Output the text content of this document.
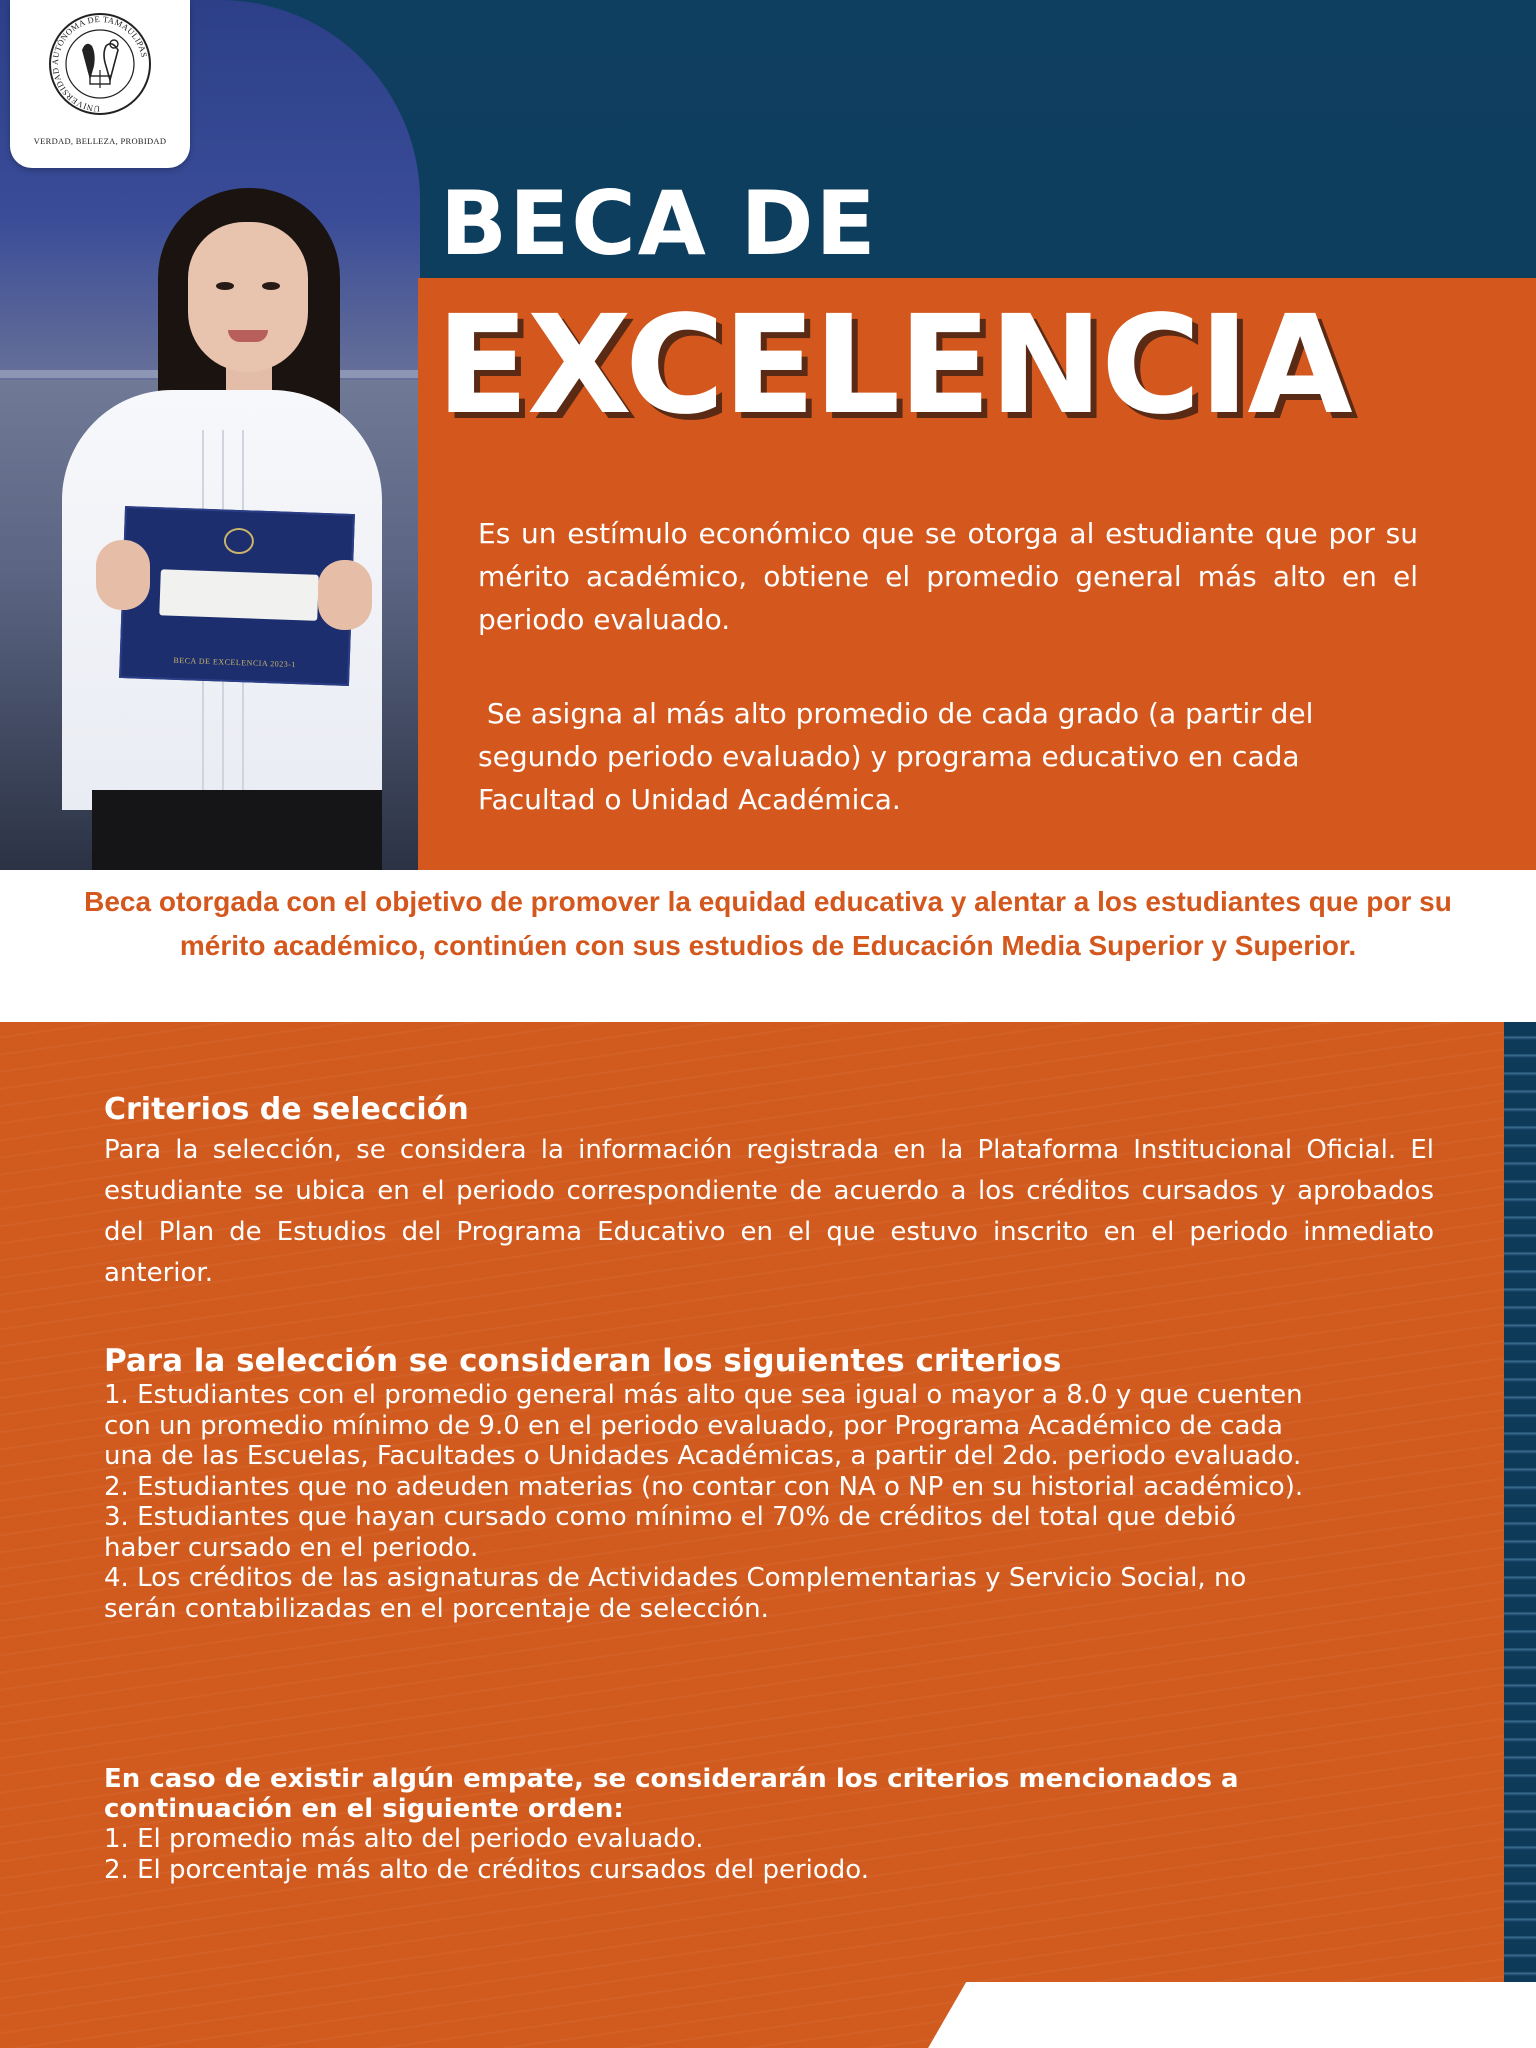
BECA DE EXCELENCIA 2023-1
UNIVERSIDAD AUTÓNOMA DE TAMAULIPAS
VERDAD, BELLEZA, PROBIDAD
BECA DE
EXCELENCIA

Es un estímulo económico que se otorga al estudiante que por su mérito académico, obtiene el promedio general más alto en el periodo evaluado.

Se asigna al más alto promedio de cada grado (a partir del segundo periodo evaluado) y programa educativo en cada Facultad o Unidad Académica.

Beca otorgada con el objetivo de promover la equidad educativa y alentar a los estudiantes que por su mérito académico, continúen con sus estudios de Educación Media Superior y Superior.

Criterios de selección

Para la selección, se considera la información registrada en la Plataforma Institucional Oficial. El estudiante se ubica en el periodo correspondiente de acuerdo a los créditos cursados y aprobados del Plan de Estudios del Programa Educativo en el que estuvo inscrito en el periodo inmediato anterior.

Para la selección se consideran los siguientes criterios
1. Estudiantes con el promedio general más alto que sea igual o mayor a 8.0 y que cuenten con un promedio mínimo de 9.0 en el periodo evaluado, por Programa Académico de cada una de las Escuelas, Facultades o Unidades Académicas, a partir del 2do. periodo evaluado.
2. Estudiantes que no adeuden materias (no contar con NA o NP en su historial académico).
3. Estudiantes que hayan cursado como mínimo el 70% de créditos del total que debió haber cursado en el periodo.
4. Los créditos de las asignaturas de Actividades Complementarias y Servicio Social, no serán contabilizadas en el porcentaje de selección.
En caso de existir algún empate, se considerarán los criterios mencionados a continuación en el siguiente orden:
1. El promedio más alto del periodo evaluado.
2. El porcentaje más alto de créditos cursados del periodo.
